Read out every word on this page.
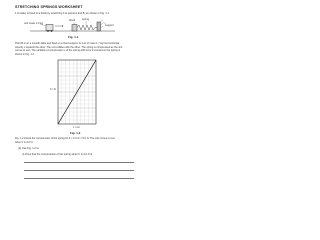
STRETCHING SPRINGS WORKSHEET
1 A trolley is fixed to a block by stretching it to points A and B, as shown in Fig. 1.1.
unit mass 1.0 kg
block	spring
support
Fig. 1.1
Point B is on a smooth table and fixed on a fixed support. At A to of mass 1.7 kg has horizontal
velocity v towards the other. The unit collides with the other. The spring is compressed as the unit
comes to rest. The variation of compression x of the spring with force F exerted on the spring is
shown in Fig. 1.2.
F / N
x / cm
Fig. 1.2
Fig. 1.2 shows the compression of the spring for F = 0 to F = 5.0 N. The unit comes to rest
when F is 4.0 N.
(a) Use Fig. 1.2 to
(i) show that the compression of the spring when F is 4.0 N is
